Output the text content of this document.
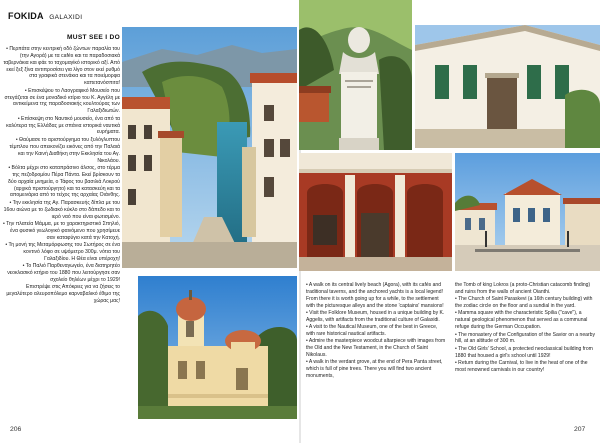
FOKIDA GALAXIDI
MUST SEE I DO

• Περπάτα στην κεντρική οδό ζώντων παραλία του (την Αγορά) με τα cafés και τα παραδοσιακά ταβερνάκια και φάε το ταχομαγίκό ιστορικό αξί. Από εκεί ξεξ ξίνα αντιπροσίσει για λίγο στον εκεί ρυθμό στα γραφικά στενάκια και τα ποιείμορφα καπετανόσπιτα!

• Επισκέψου το Λαογραφικό Μουσείο που στεγάζεται σε ένα μοναδικό κτίριο του Κ. Αγγέλη με αντικείμενα της παραδοσιακής κουλτούρας των Γαλαξιδιωτών.

• Επίσκεψη στο Ναυτικό μουσείο, ένα από τα καλύτερα της Ελλάδας με σπάνια ιστορικά ναυτικά ευρήματα.

• Θαύμασε το αριστούργημα του ξυλόγλυπτου τέμπλου που απεικονίζει εικόνες από την Παλαιά και την Καινή Διαθήκη στην Εκκλησία του Αγ. Νικολάου.

• Βόλτα μέχρι στο καταπράσινο άλσος, στο τέρμα της πεζοδρομίου Πέρα Πάντα. Εκεί βρίσκουν τα δύο αρχαία μνημεία, ο Τάφος του βασιλιά Λοκρού (αρχικά πριστούργητο) και τα κατασκεύη και τα απομεινάρια από το τείχος της αρχαίας Οιάνθης.

• Την εκκλησία της Αγ. Παρασκευής δίπλα με του 16ου αιώνα με το ζωδιακό κύκλο στο δάπεδο και το ιερό ναό που είναι φωτισμένο.

• Την πλατεία Μάμμα, με το χαρακτηριστικό Σπηλιό, ένα φυσικό γεωλογικό φαινόμενο που χρησίμευε σαν καταφύγιο κατά την Κατοχή.

• Τη μονή της Μεταμόρφωσης του Σωτήρος σε ένα κοντινό λόφο σε υψόμετρο 300μ. νότια του Γαλαξιδίου. Η Θέα είναι υπέροχη!

• Το Παλιό Παρθεναγωγείο, ένα διατηρητέο νεοκλασικό κτήριο του 1880 που λειτούργησε σαν σχολείο θηλέων μέχρι το 1929!

Επιστρέψε στις Απόκριες για να ζήσεις το μεγαλύτερο αλευροπόλεμο καρναβαλικό έθιμο της χώρας μας!

• A walk on its central lively beach (Agora), with its cafés and traditional taverns, and the anchored yachts is a local legend! From there it is worth going up for a while, to the settlement with the picturesque alleys and the stone 'captains' mansions!

• Visit the Folklore Museum, housed in a unique building by K. Aggelis, with artifacts from the traditional culture of Galaxidi.

• A visit to the Nautical Museum, one of the best in Greece, with rare historical nautical artifacts.

• Admire the masterpiece woodcut altarpiece with images from the Old and the New Testament, in the Church of Saint Nikolaus.

• A walk in the verdant grove, at the end of Pera Panta street, which is full of pine trees. There you will find two ancient monuments,

the Tomb of king Lokros (a proto-Christian catacomb finding) and ruins from the walls of ancient Oianthi.

• The Church of Saint Paraskevi (a 16th century building) with the zodiac circle on the floor and a sundial in the yard.

• Mamma square with the characteristic Spilia ("cave"), a natural geological phenomenon that served as a communal refuge during the German Occupation.

• The monastery of the Configuration of the Savior on a nearby hill, at an altitude of 300 m.

• The Old Girls' School, a protected neoclassical building from 1880 that housed a girl's school until 1929!

• Return during the Carnival, to live in the heat of one of the most renowned carnivals in our country!

206	207
